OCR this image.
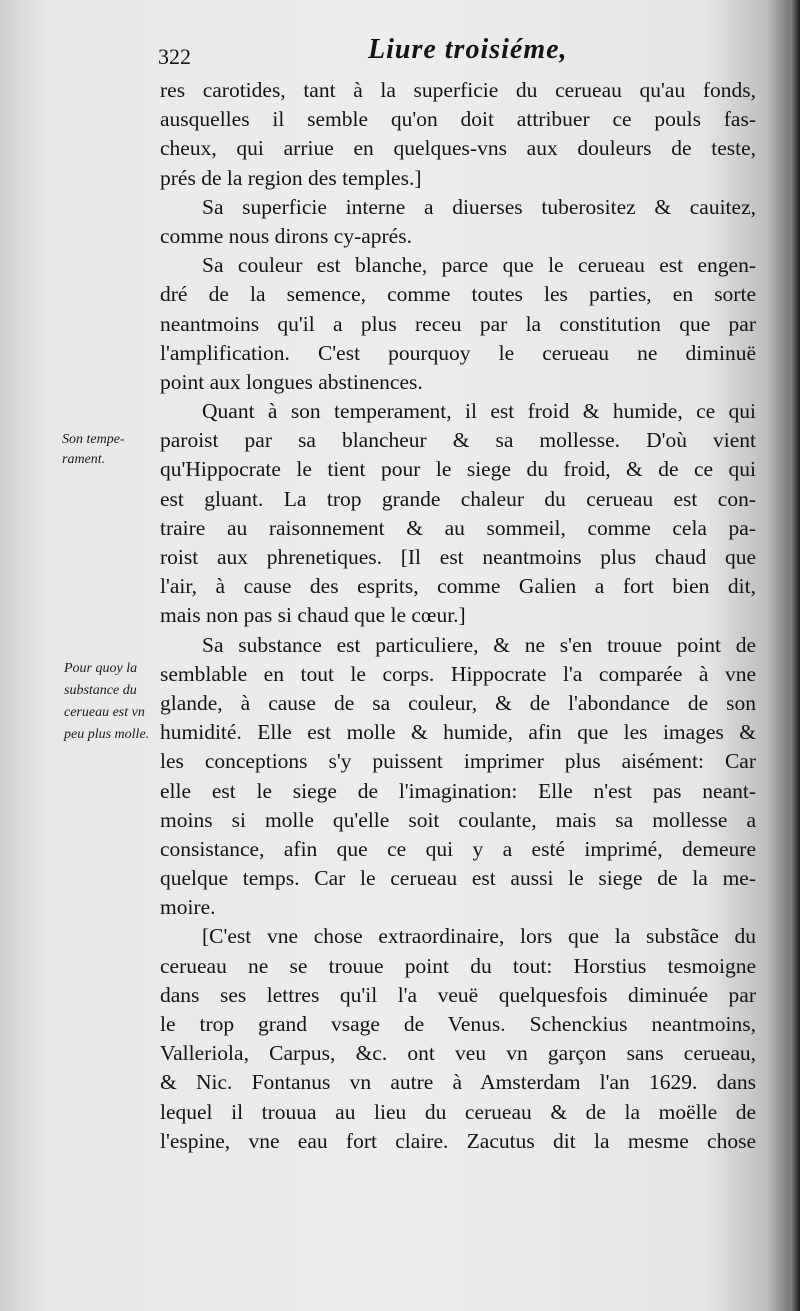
322	Liure troisiéme,
Son tempe-rament.
Pour quoy la substance du cerueau est vn peu plus molle.
res carotides, tant à la superficie du cerueau qu'au fonds,
ausquelles il semble qu'on doit attribuer ce pouls fas-
cheux, qui arriue en quelques-vns aux douleurs de teste,
prés de la region des temples.]
Sa superficie interne a diuerses tuberositez & cauitez,
comme nous dirons cy-aprés.
Sa couleur est blanche, parce que le cerueau est engen-
dré de la semence, comme toutes les parties, en sorte
neantmoins qu'il a plus receu par la constitution que par
l'amplification. C'est pourquoy le cerueau ne diminuë
point aux longues abstinences.
Quant à son temperament, il est froid & humide, ce qui
paroist par sa blancheur & sa mollesse. D'où vient
qu'Hippocrate le tient pour le siege du froid, & de ce qui
est gluant. La trop grande chaleur du cerueau est con-
traire au raisonnement & au sommeil, comme cela pa-
roist aux phrenetiques. [Il est neantmoins plus chaud que
l'air, à cause des esprits, comme Galien a fort bien dit,
mais non pas si chaud que le cœur.]
Sa substance est particuliere, & ne s'en trouue point de
semblable en tout le corps. Hippocrate l'a comparée à vne
glande, à cause de sa couleur, & de l'abondance de son
humidité. Elle est molle & humide, afin que les images &
les conceptions s'y puissent imprimer plus aisément: Car
elle est le siege de l'imagination: Elle n'est pas neant-
moins si molle qu'elle soit coulante, mais sa mollesse a
consistance, afin que ce qui y a esté imprimé, demeure
quelque temps. Car le cerueau est aussi le siege de la me-
moire.
[C'est vne chose extraordinaire, lors que la substãce du
cerueau ne se trouue point du tout: Horstius tesmoigne
dans ses lettres qu'il l'a veuë quelquesfois diminuée par
le trop grand vsage de Venus. Schenckius neantmoins,
Valleriola, Carpus, &c. ont veu vn garçon sans cerueau,
& Nic. Fontanus vn autre à Amsterdam l'an 1629. dans
lequel il trouua au lieu du cerueau & de la moëlle de
l'espine, vne eau fort claire. Zacutus dit la mesme chose
